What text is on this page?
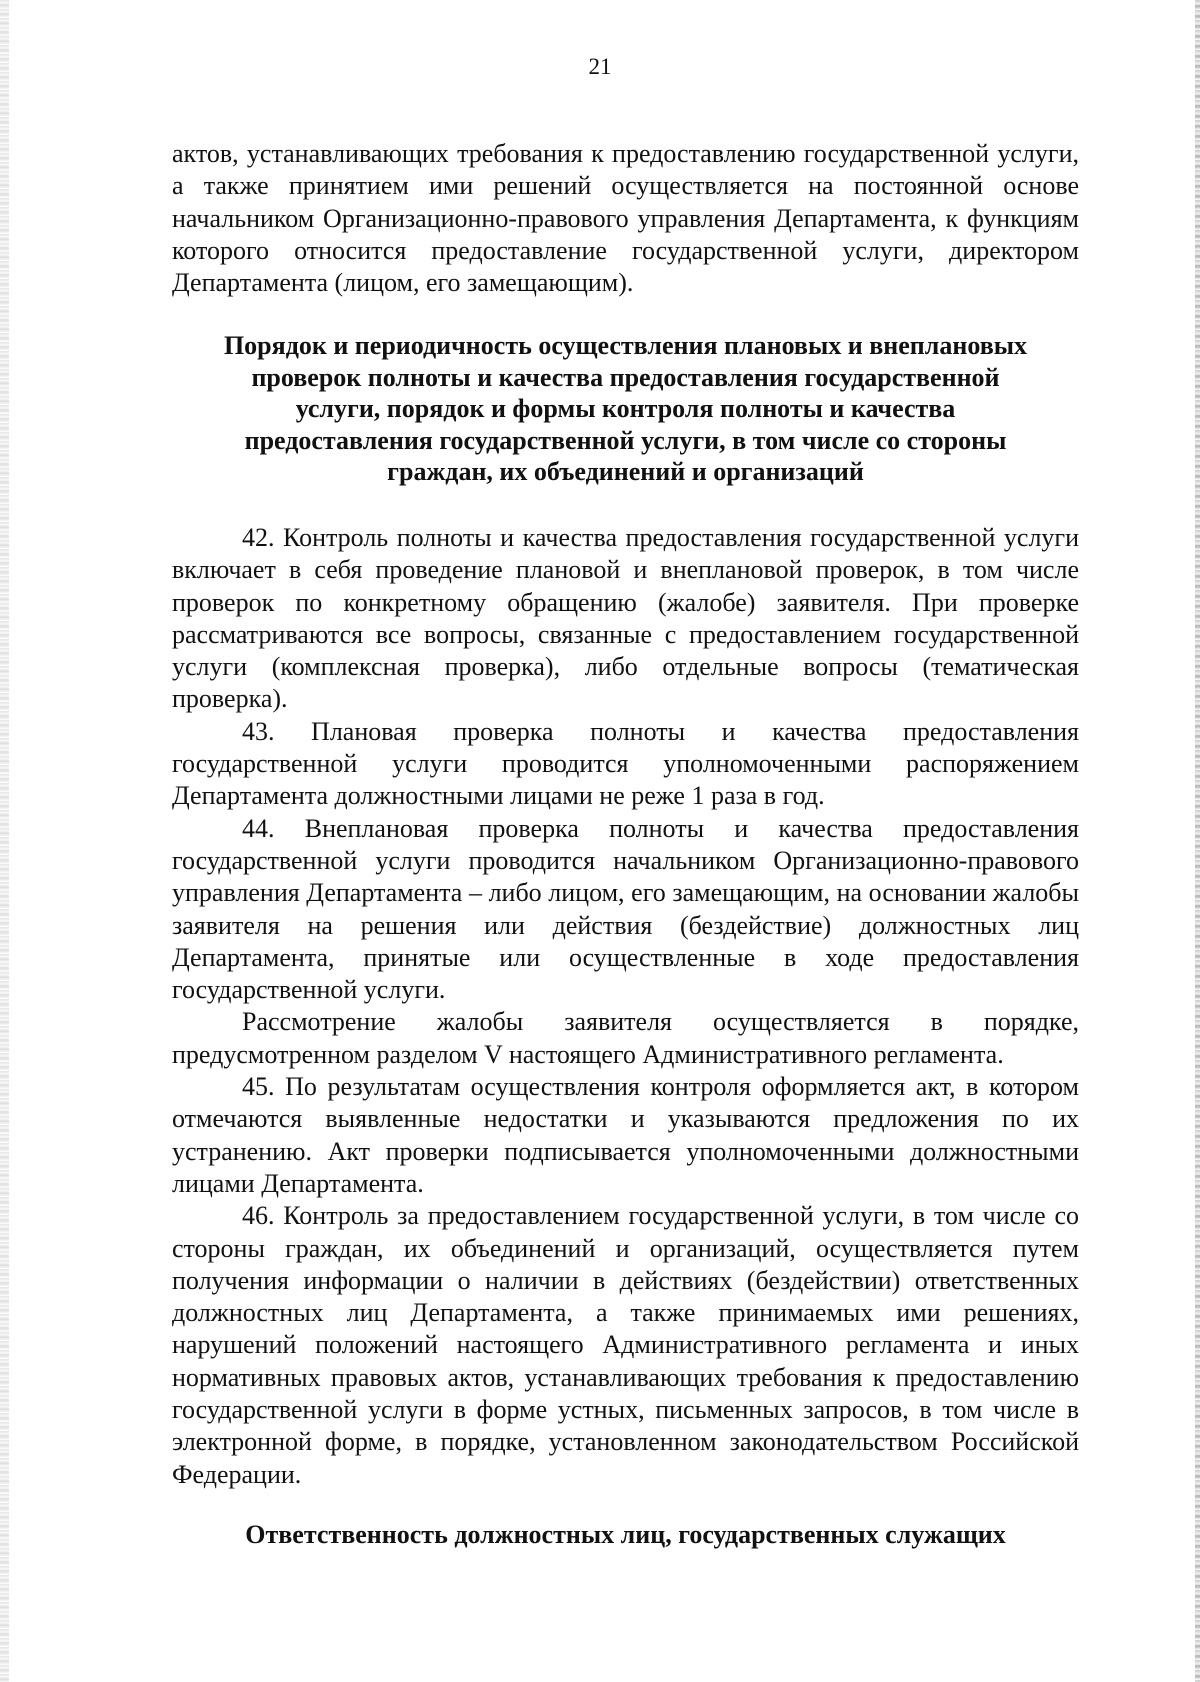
21

актов, устанавливающих требования к предоставлению государственной услуги, а также принятием ими решений осуществляется на постоянной основе начальником Организационно-правового управления Департамента, к функциям которого относится предоставление государственной услуги, директором Департамента (лицом, его замещающим).

Порядок и периодичность осуществления плановых и внеплановых
проверок полноты и качества предоставления государственной
услуги, порядок и формы контроля полноты и качества
предоставления государственной услуги, в том числе со стороны
граждан, их объединений и организаций

42. Контроль полноты и качества предоставления государственной услуги включает в себя проведение плановой и внеплановой проверок, в том числе проверок по конкретному обращению (жалобе) заявителя. При проверке рассматриваются все вопросы, связанные с предоставлением государственной услуги (комплексная проверка), либо отдельные вопросы (тематическая проверка).

43. Плановая проверка полноты и качества предоставления государственной услуги проводится уполномоченными распоряжением Департамента должностными лицами не реже 1 раза в год.

44. Внеплановая проверка полноты и качества предоставления государственной услуги проводится начальником Организационно-правового управления Департамента – либо лицом, его замещающим, на основании жалобы заявителя на решения или действия (бездействие) должностных лиц Департамента, принятые или осуществленные в ходе предоставления государственной услуги.

Рассмотрение жалобы заявителя осуществляется в порядке, предусмотренном разделом V настоящего Административного регламента.

45. По результатам осуществления контроля оформляется акт, в котором отмечаются выявленные недостатки и указываются предложения по их устранению. Акт проверки подписывается уполномоченными должностными лицами Департамента.

46. Контроль за предоставлением государственной услуги, в том числе со стороны граждан, их объединений и организаций, осуществляется путем получения информации о наличии в действиях (бездействии) ответственных должностных лиц Департамента, а также принимаемых ими решениях, нарушений положений настоящего Административного регламента и иных нормативных правовых актов, устанавливающих требования к предоставлению государственной услуги в форме устных, письменных запросов, в том числе в электронной форме, в порядке, установленном законодательством Российской Федерации.

Ответственность должностных лиц, государственных служащих
